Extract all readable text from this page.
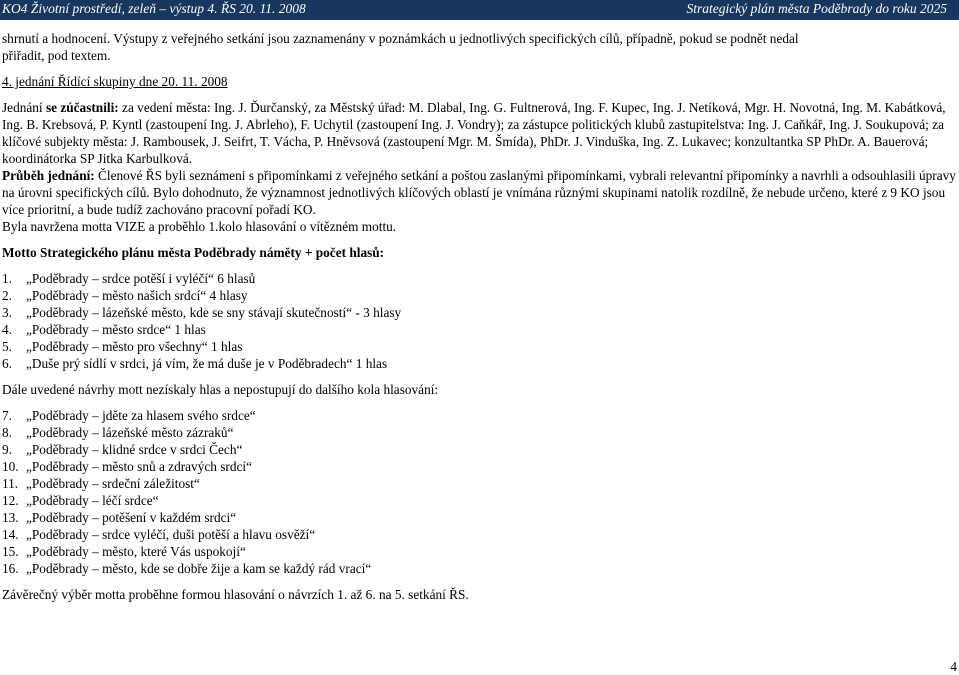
KO4 Životní prostředí, zeleň – výstup 4. ŘS 20. 11. 2008	Strategický plán města Poděbrady do roku 2025

shrnutí a hodnocení. Výstupy z veřejného setkání jsou zaznamenány v poznámkách u jednotlivých specifických cílů, případně, pokud se podnět nedal

přiřadit, pod textem.

4. jednání Řídící skupiny dne 20. 11. 2008

Jednání se zúčastnili: za vedení města: Ing. J. Ďurčanský, za Městský úřad: M. Dlabal, Ing. G. Fultnerová, Ing. F. Kupec, Ing. J. Netíková, Mgr. H. Novotná, Ing. M. Kabátková, Ing. B. Krebsová, P. Kyntl (zastoupení Ing. J. Abrleho), F. Uchytil (zastoupení Ing. J. Vondry); za zástupce politických klubů zastupitelstva: Ing. J. Caňkář, Ing. J. Soukupová; za klíčové subjekty města: J. Rambousek, J. Seifrt, T. Vácha, P. Hněvsová (zastoupení Mgr. M. Šmída), PhDr. J. Vinduška, Ing. Z. Lukavec; konzultantka SP PhDr. A. Bauerová; koordinátorka SP Jitka Karbulková.

Průběh jednání: Členové ŘS byli seznámeni s připomínkami z veřejného setkání a poštou zaslanými připomínkami, vybrali relevantní připomínky a navrhli a odsouhlasili úpravy na úrovni specifických cílů. Bylo dohodnuto, že významnost jednotlivých klíčových oblastí je vnímána různými skupinami natolik rozdílně, že nebude určeno, které z 9 KO jsou více prioritní, a bude tudíž zachováno pracovní pořadí KO.

Byla navržena motta VIZE a proběhlo 1.kolo hlasování o vítězném mottu.

Motto Strategického plánu města Poděbrady náměty + počet hlasů:

1.	„Poděbrady – srdce potěší i vyléčí“ 6 hlasů
2.	„Poděbrady – město našich srdcí“ 4 hlasy
3.	„Poděbrady – lázeňské město, kde se sny stávají skutečností“ - 3 hlasy
4.	„Poděbrady – město srdce“ 1 hlas
5.	„Poděbrady – město pro všechny“ 1 hlas
6.	„Duše prý sídlí v srdci, já vím, že má duše je v Poděbradech“ 1 hlas

Dále uvedené návrhy mott nezískaly hlas a nepostupují do dalšího kola hlasování:

7.	„Poděbrady – jděte za hlasem svého srdce“
8.	„Poděbrady – lázeňské město zázraků“
9.	„Poděbrady – klidné srdce v srdci Čech“
10. „Poděbrady – město snů a zdravých srdcí“
11. „Poděbrady – srdeční záležitost“
12. „Poděbrady – léčí srdce“
13. „Poděbrady – potěšení v každém srdci“
14. „Poděbrady – srdce vyléčí, duši potěší a hlavu osvěží“
15. „Poděbrady – město, které Vás uspokojí“
16. „Poděbrady – město, kde se dobře žije a kam se každý rád vrací“

Závěrečný výběr motta proběhne formou hlasování o návrzích 1. až 6. na 5. setkání ŘS.

4
